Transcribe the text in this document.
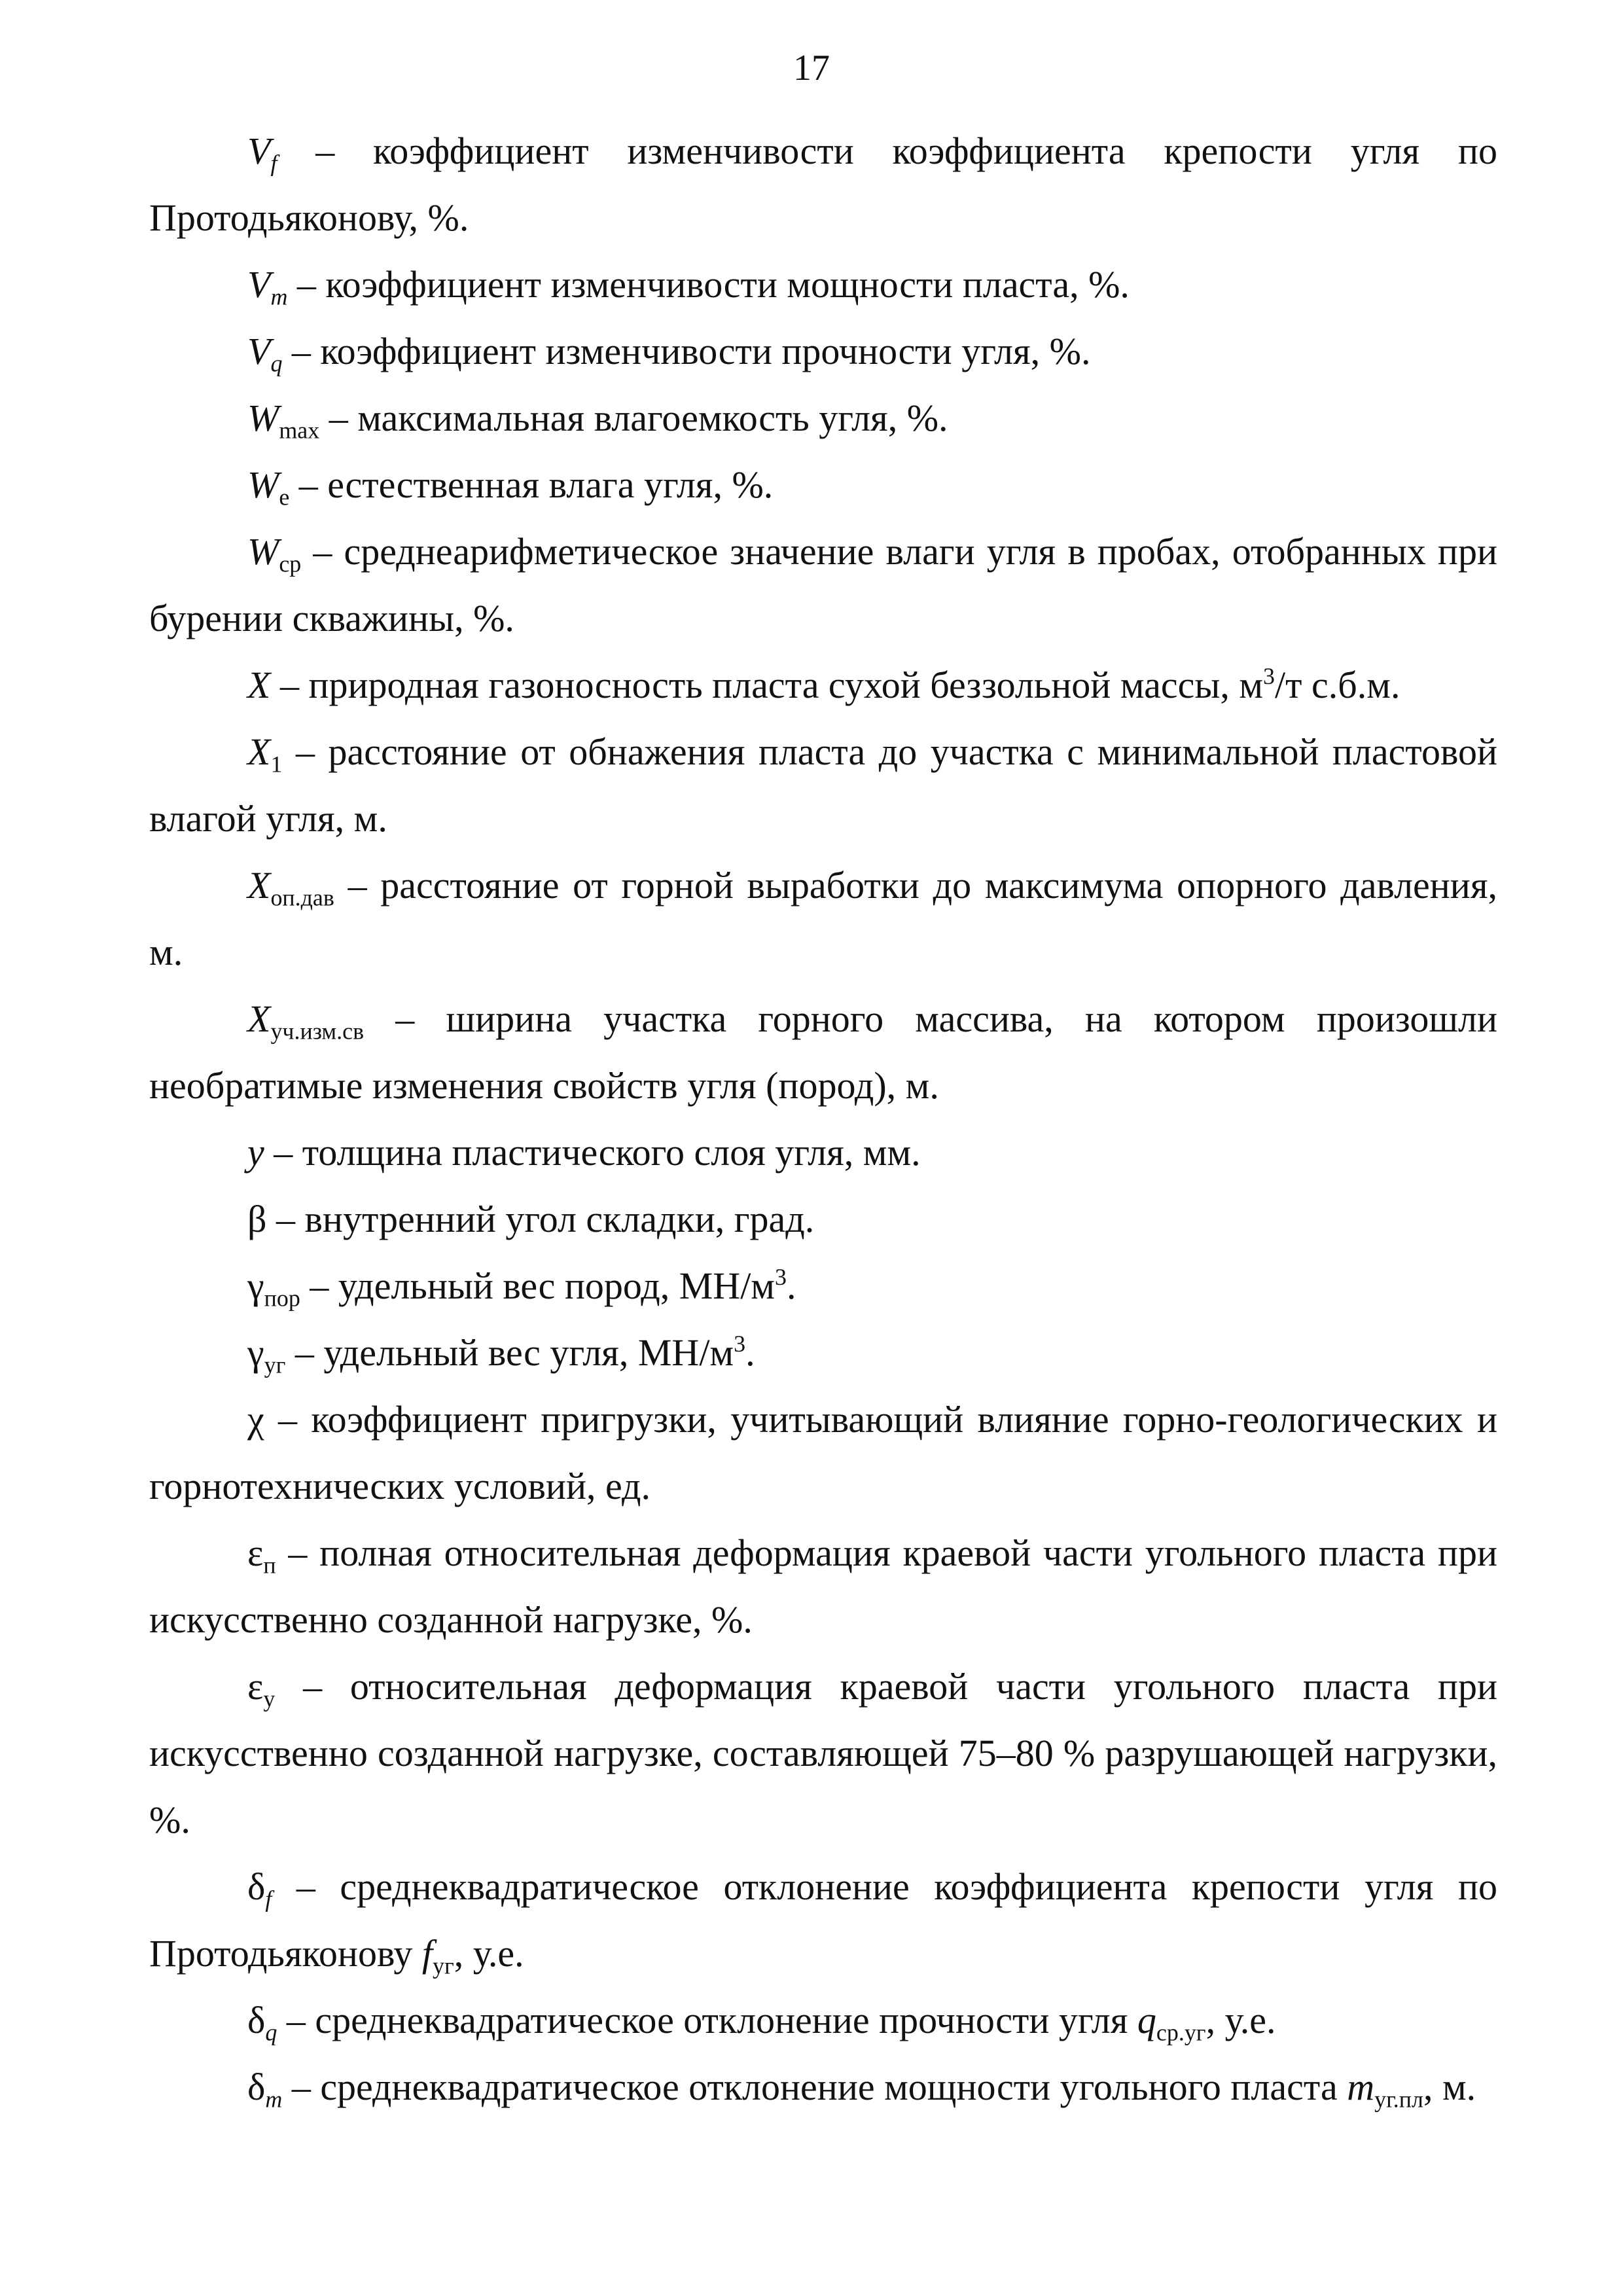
17

$V_f$ – коэффициент изменчивости коэффициента крепости угля по Протодьяконову, %.

$V_m$ – коэффициент изменчивости мощности пласта, %.

$V_q$ – коэффициент изменчивости прочности угля, %.

$W_{max}$ – максимальная влагоемкость угля, %.

$W_е$ – естественная влага угля, %.

$W_{ср}$ – среднеарифметическое значение влаги угля в пробах, отобранных при бурении скважины, %.

X – природная газоносность пласта сухой беззольной массы, $м^3/т$ с.б.м.

$X_1$ – расстояние от обнажения пласта до участка с минимальной пластовой влагой угля, м.

$X_{оп.дав}$ – расстояние от горной выработки до максимума опорного давления, м.

$X_{уч.изм.св}$ – ширина участка горного массива, на котором произошли необратимые изменения свойств угля (пород), м.

y – толщина пластического слоя угля, мм.

β – внутренний угол складки, град.

$\gamma_{пор}$ – удельный вес пород, $МН/м^3$.

$\gamma_{уг}$ – удельный вес угля, $МН/м^3$.

χ – коэффициент пригрузки, учитывающий влияние горно-геологических и горнотехнических условий, ед.

$\varepsilon_п$ – полная относительная деформация краевой части угольного пласта при искусственно созданной нагрузке, %.

$\varepsilon_у$ – относительная деформация краевой части угольного пласта при искусственно созданной нагрузке, составляющей 75–80 % разрушающей нагрузки, %.

$\delta_f$ – среднеквадратическое отклонение коэффициента крепости угля по Протодьяконову $f_{уг}$, у.е.

$\delta_q$ – среднеквадратическое отклонение прочности угля $q_{ср.уг}$, у.е.

$\delta_m$ – среднеквадратическое отклонение мощности угольного пласта $m_{уг.пл}$, м.
